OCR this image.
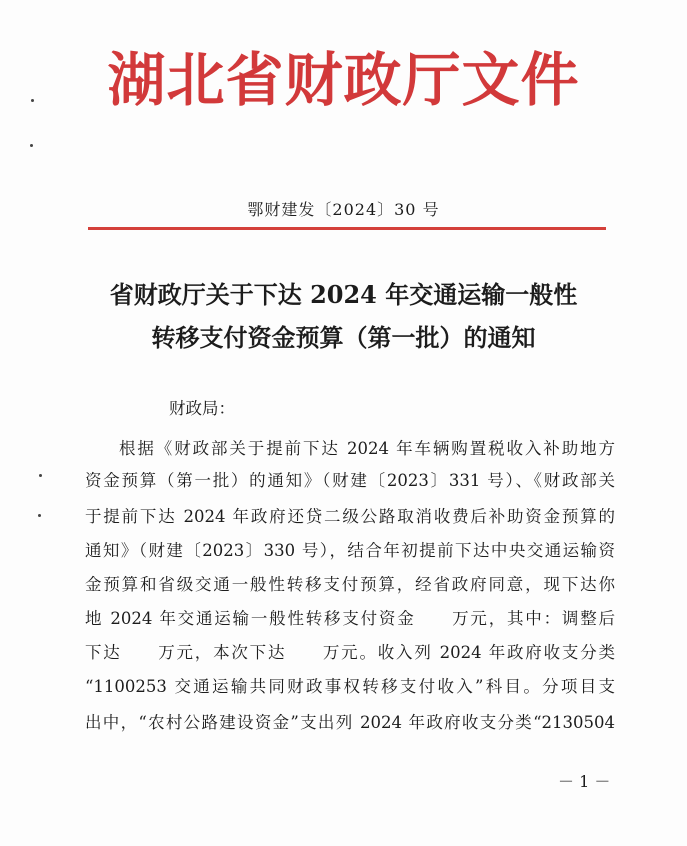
湖北省财政厅文件
鄂财建发〔2024〕30 号
省财政厅关于下达 2024 年交通运输一般性
转移支付资金预算（第一批）的通知
财政局：
根据《财政部关于提前下达 2024 年车辆购置税收入补助地方
资金预算（第一批）的通知》（财建〔2023〕331 号）、《财政部关
于提前下达 2024 年政府还贷二级公路取消收费后补助资金预算的
通知》（财建〔2023〕330 号），结合年初提前下达中央交通运输资
金预算和省级交通一般性转移支付预算，经省政府同意，现下达你
地 2024 年交通运输一般性转移支付资金　　万元，其中：调整后
下达　　万元，本次下达　　万元。收入列 2024 年政府收支分类
“1100253 交通运输共同财政事权转移支付收入”科目。分项目支
出中，“农村公路建设资金”支出列 2024 年政府收支分类“2130504
－ 1 －
